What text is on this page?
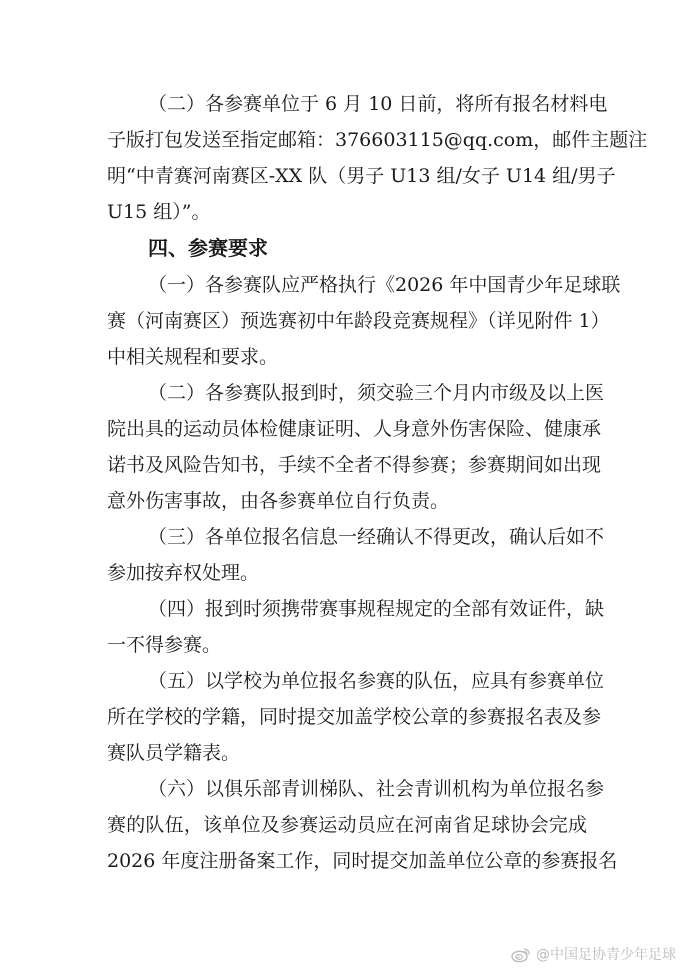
（二）各参赛单位于 6 月 10 日前，将所有报名材料电
子版打包发送至指定邮箱：376603115@qq.com，邮件主题注
明“中青赛河南赛区-XX 队（男子 U13 组/女子 U14 组/男子
U15 组）”。
四、参赛要求
（一）各参赛队应严格执行《2026 年中国青少年足球联
赛（河南赛区）预选赛初中年龄段竞赛规程》（详见附件 1）
中相关规程和要求。
（二）各参赛队报到时，须交验三个月内市级及以上医
院出具的运动员体检健康证明、人身意外伤害保险、健康承
诺书及风险告知书，手续不全者不得参赛；参赛期间如出现
意外伤害事故，由各参赛单位自行负责。
（三）各单位报名信息一经确认不得更改，确认后如不
参加按弃权处理。
（四）报到时须携带赛事规程规定的全部有效证件，缺
一不得参赛。
（五）以学校为单位报名参赛的队伍，应具有参赛单位
所在学校的学籍，同时提交加盖学校公章的参赛报名表及参
赛队员学籍表。
（六）以俱乐部青训梯队、社会青训机构为单位报名参
赛的队伍，该单位及参赛运动员应在河南省足球协会完成
2026 年度注册备案工作，同时提交加盖单位公章的参赛报名
@中国足协青少年足球
